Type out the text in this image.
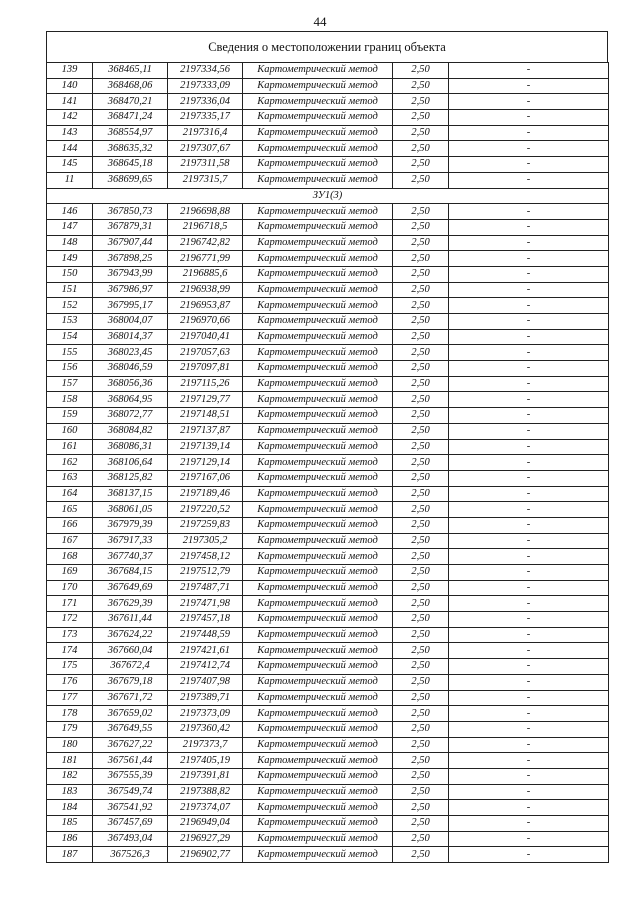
44
Сведения о местоположении границ объекта
139	368465,11	2197334,56	Картометрический метод	2,50	-
140	368468,06	2197333,09	Картометрический метод	2,50	-
141	368470,21	2197336,04	Картометрический метод	2,50	-
142	368471,24	2197335,17	Картометрический метод	2,50	-
143	368554,97	2197316,4	Картометрический метод	2,50	-
144	368635,32	2197307,67	Картометрический метод	2,50	-
145	368645,18	2197311,58	Картометрический метод	2,50	-
11	368699,65	2197315,7	Картометрический метод	2,50	-
ЗУ1(3)					
146	367850,73	2196698,88	Картометрический метод	2,50	-
147	367879,31	2196718,5	Картометрический метод	2,50	-
148	367907,44	2196742,82	Картометрический метод	2,50	-
149	367898,25	2196771,99	Картометрический метод	2,50	-
150	367943,99	2196885,6	Картометрический метод	2,50	-
151	367986,97	2196938,99	Картометрический метод	2,50	-
152	367995,17	2196953,87	Картометрический метод	2,50	-
153	368004,07	2196970,66	Картометрический метод	2,50	-
154	368014,37	2197040,41	Картометрический метод	2,50	-
155	368023,45	2197057,63	Картометрический метод	2,50	-
156	368046,59	2197097,81	Картометрический метод	2,50	-
157	368056,36	2197115,26	Картометрический метод	2,50	-
158	368064,95	2197129,77	Картометрический метод	2,50	-
159	368072,77	2197148,51	Картометрический метод	2,50	-
160	368084,82	2197137,87	Картометрический метод	2,50	-
161	368086,31	2197139,14	Картометрический метод	2,50	-
162	368106,64	2197129,14	Картометрический метод	2,50	-
163	368125,82	2197167,06	Картометрический метод	2,50	-
164	368137,15	2197189,46	Картометрический метод	2,50	-
165	368061,05	2197220,52	Картометрический метод	2,50	-
166	367979,39	2197259,83	Картометрический метод	2,50	-
167	367917,33	2197305,2	Картометрический метод	2,50	-
168	367740,37	2197458,12	Картометрический метод	2,50	-
169	367684,15	2197512,79	Картометрический метод	2,50	-
170	367649,69	2197487,71	Картометрический метод	2,50	-
171	367629,39	2197471,98	Картометрический метод	2,50	-
172	367611,44	2197457,18	Картометрический метод	2,50	-
173	367624,22	2197448,59	Картометрический метод	2,50	-
174	367660,04	2197421,61	Картометрический метод	2,50	-
175	367672,4	2197412,74	Картометрический метод	2,50	-
176	367679,18	2197407,98	Картометрический метод	2,50	-
177	367671,72	2197389,71	Картометрический метод	2,50	-
178	367659,02	2197373,09	Картометрический метод	2,50	-
179	367649,55	2197360,42	Картометрический метод	2,50	-
180	367627,22	2197373,7	Картометрический метод	2,50	-
181	367561,44	2197405,19	Картометрический метод	2,50	-
182	367555,39	2197391,81	Картометрический метод	2,50	-
183	367549,74	2197388,82	Картометрический метод	2,50	-
184	367541,92	2197374,07	Картометрический метод	2,50	-
185	367457,69	2196949,04	Картометрический метод	2,50	-
186	367493,04	2196927,29	Картометрический метод	2,50	-
187	367526,3	2196902,77	Картометрический метод	2,50	-
